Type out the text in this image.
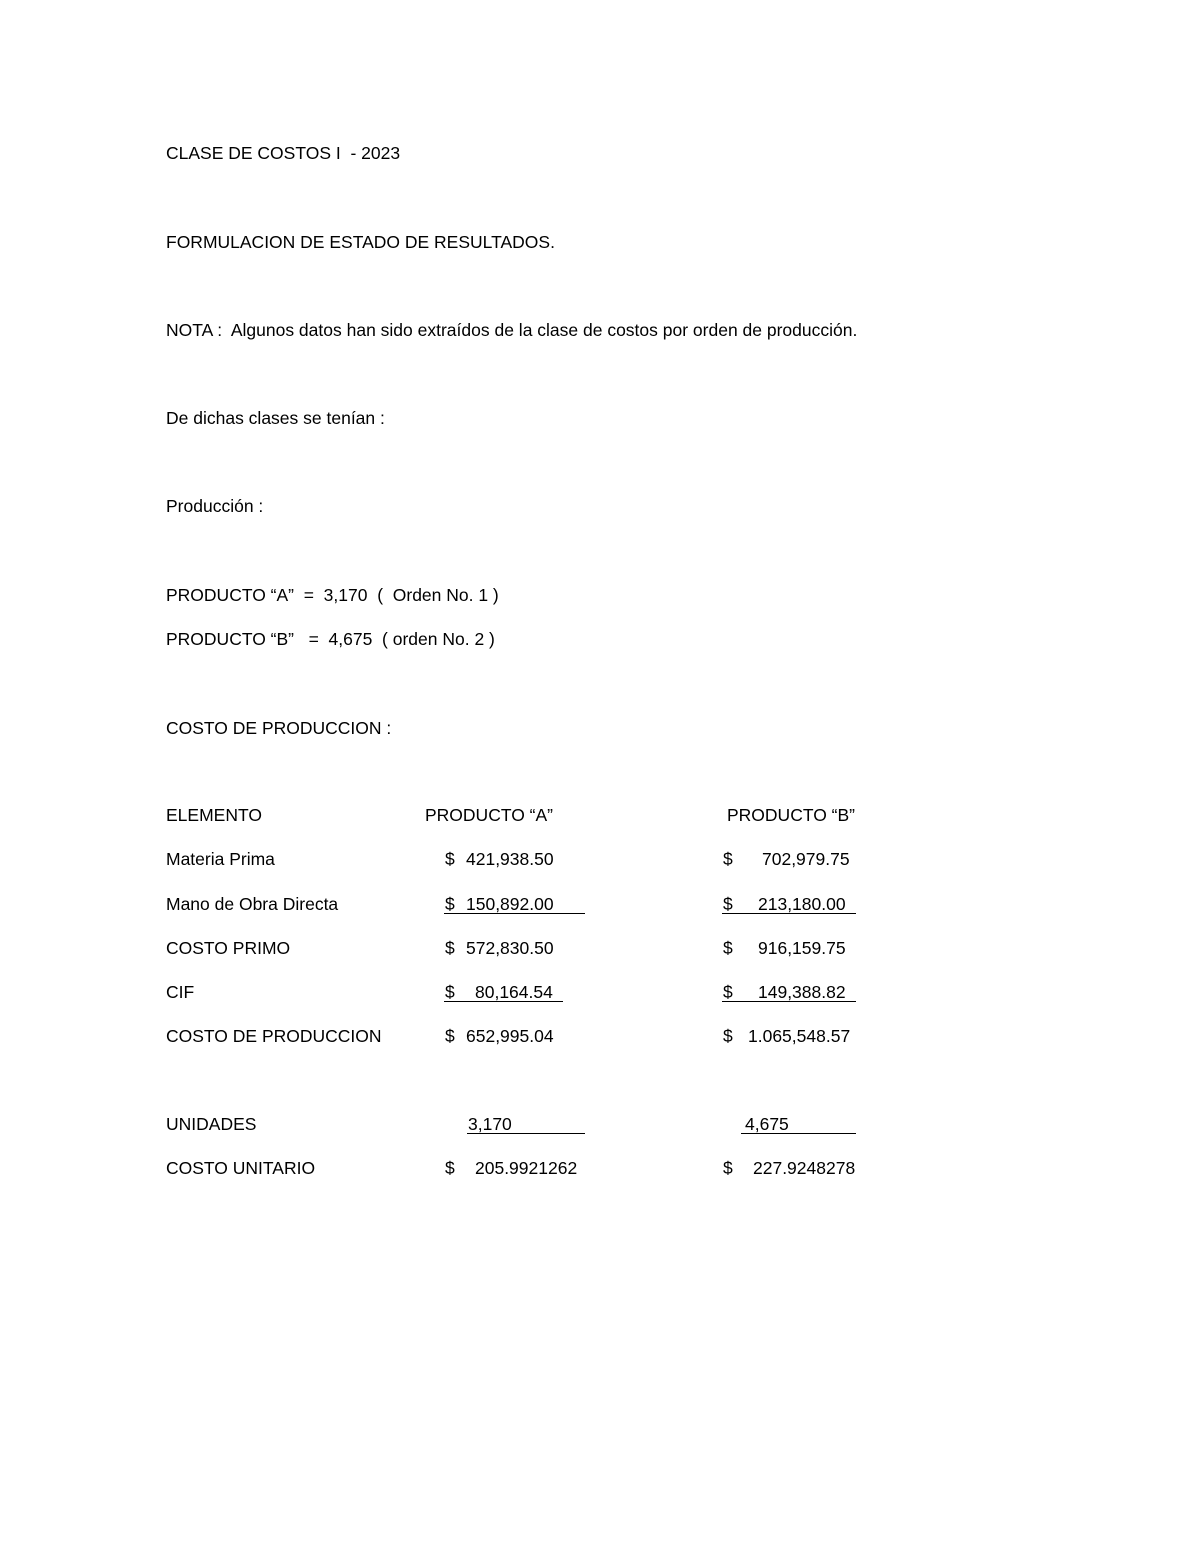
CLASE DE COSTOS I  - 2023
FORMULACION DE ESTADO DE RESULTADOS.
NOTA :  Algunos datos han sido extraídos de la clase de costos por orden de producción.
De dichas clases se tenían :
Producción :
PRODUCTO “A”  =  3,170  (  Orden No. 1 )
PRODUCTO “B”   =  4,675  ( orden No. 2 )
COSTO DE PRODUCCION :
ELEMENTO	PRODUCTO “A”	PRODUCTO “B”
Materia Prima	$ 421,938.50	$ 702,979.75
Mano de Obra Directa	$ 150,892.00	$ 213,180.00
COSTO PRIMO	$ 572,830.50	$ 916,159.75
CIF	$ 80,164.54	$ 149,388.82
COSTO DE PRODUCCION	$ 652,995.04	$ 1.065,548.57
UNIDADES	3,170	4,675
COSTO UNITARIO	$ 205.9921262	$ 227.9248278
